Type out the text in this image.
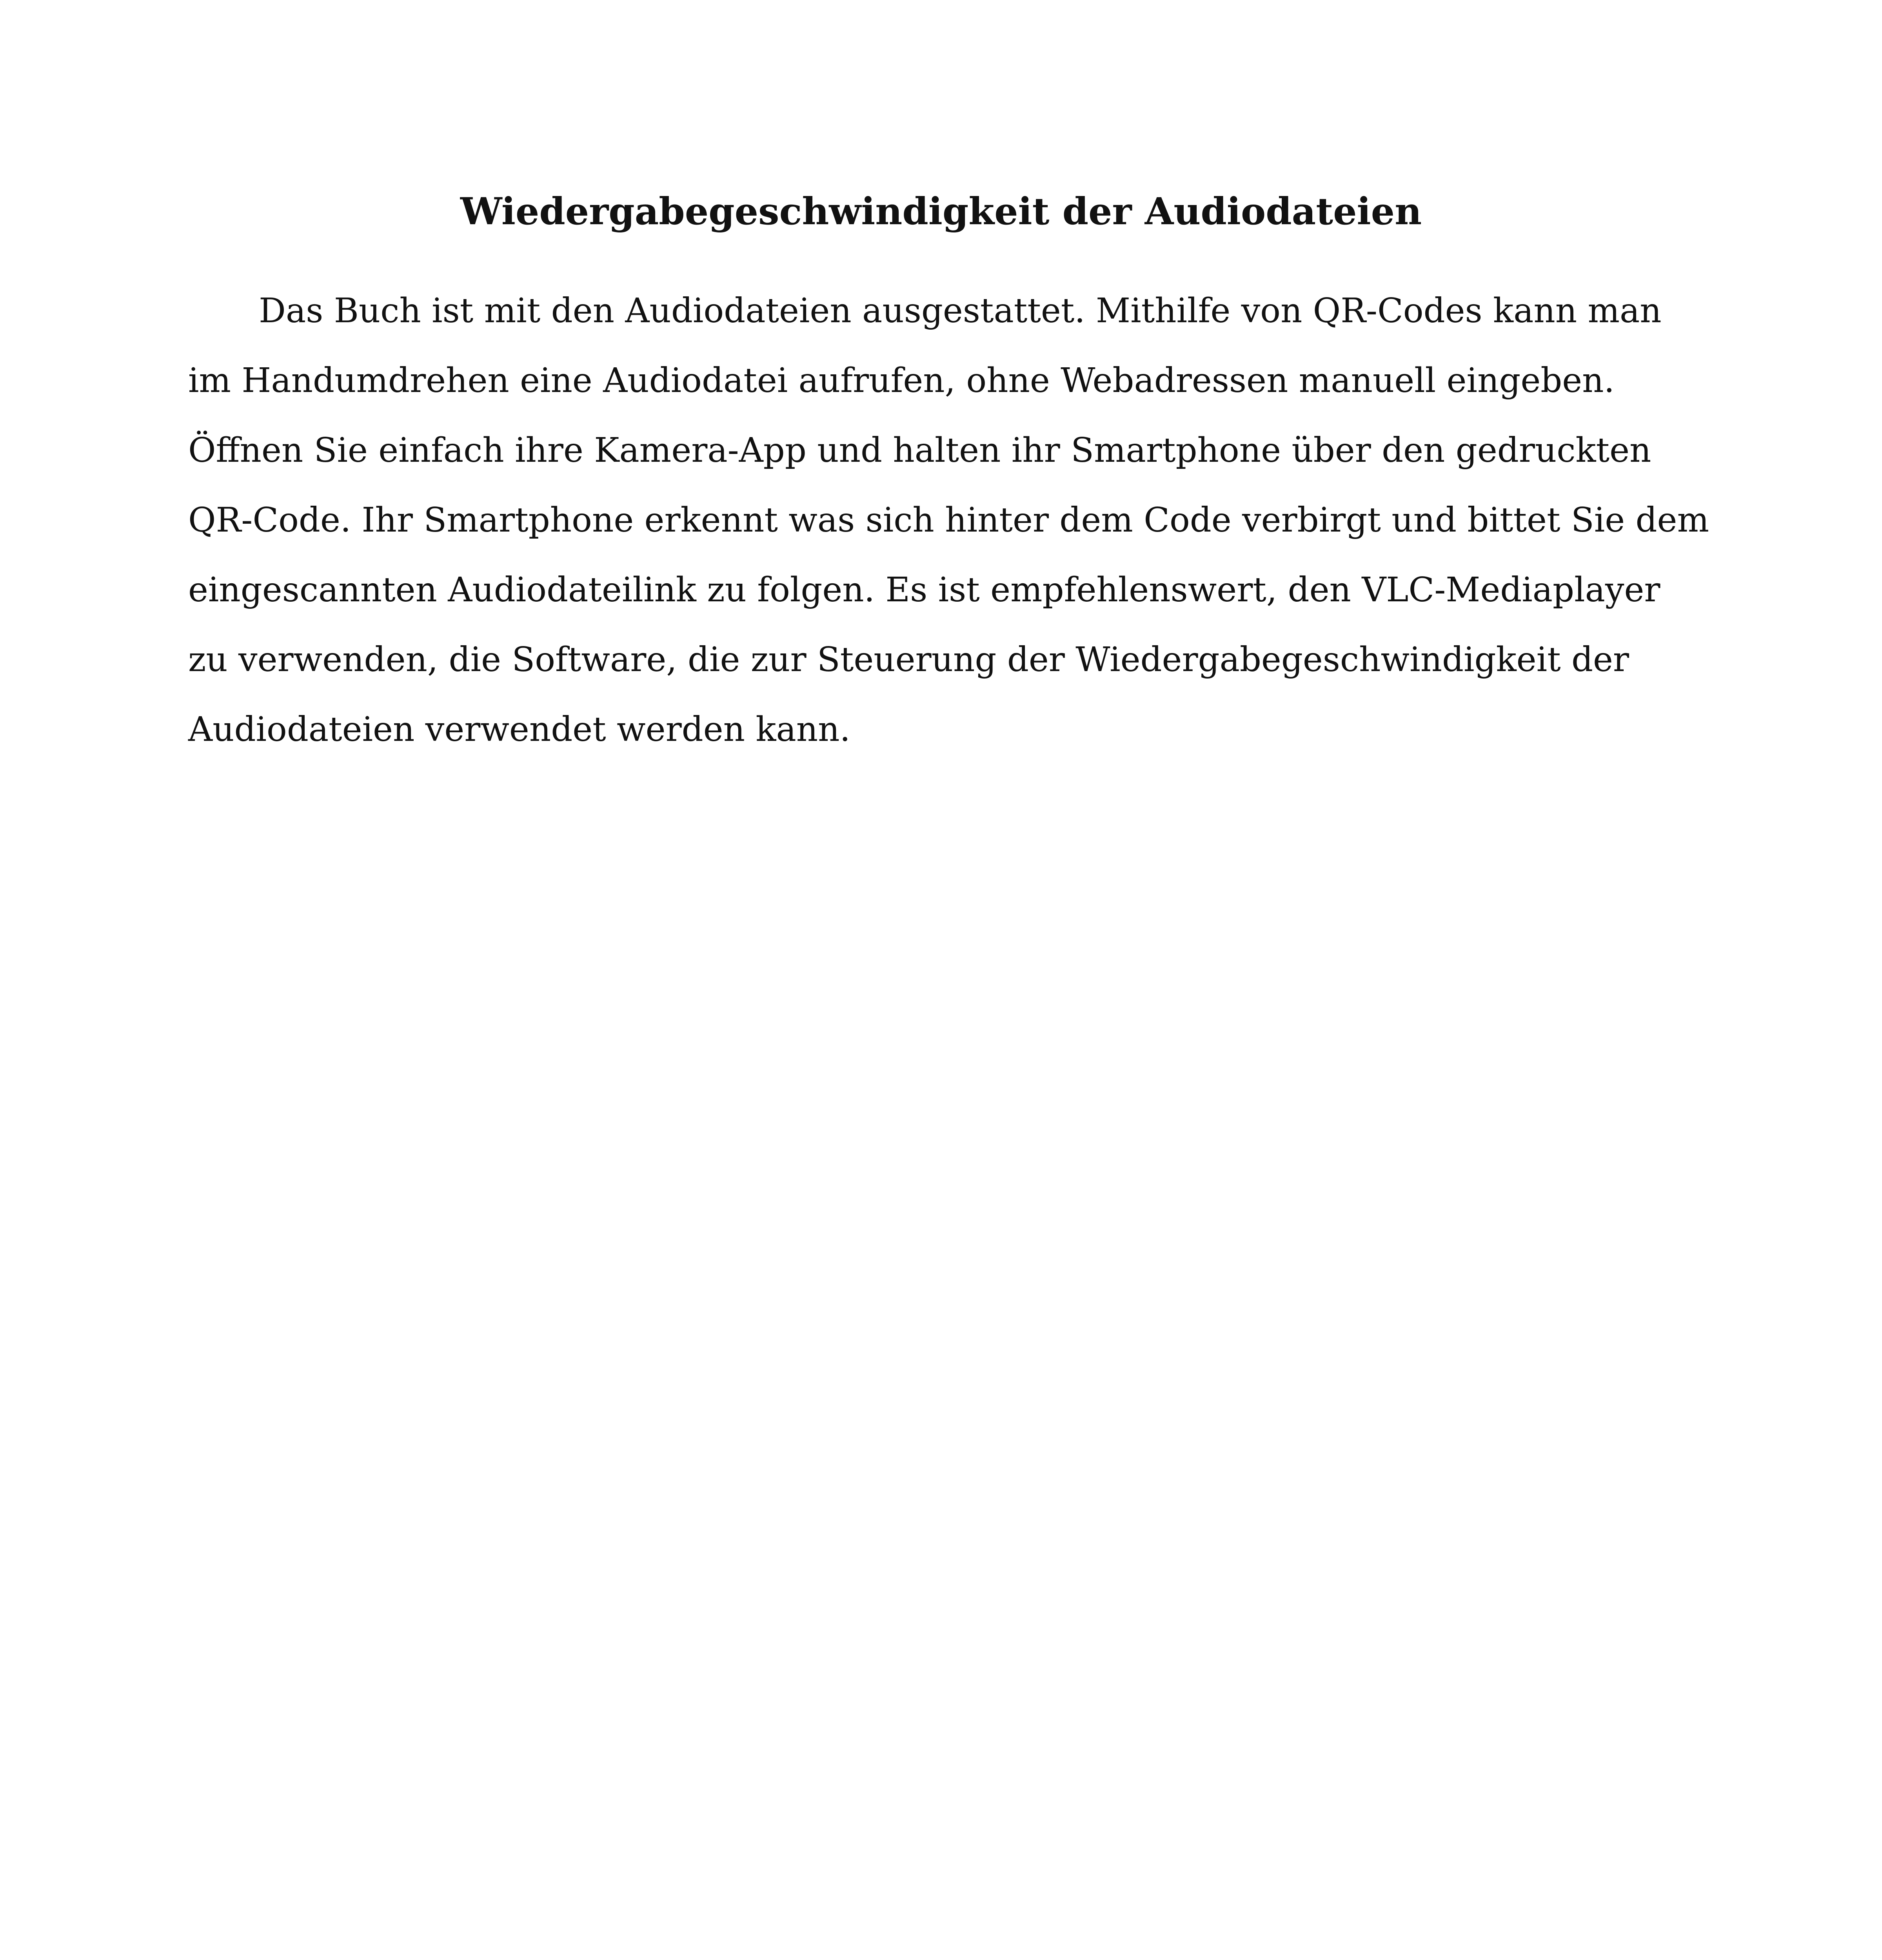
Wiedergabegeschwindigkeit der Audiodateien
Das Buch ist mit den Audiodateien ausgestattet. Mithilfe von QR-Codes kann man
im Handumdrehen eine Audiodatei aufrufen, ohne Webadressen manuell eingeben.
Öffnen Sie einfach ihre Kamera-App und halten ihr Smartphone über den gedruckten
QR-Code. Ihr Smartphone erkennt was sich hinter dem Code verbirgt und bittet Sie dem
eingescannten Audiodateilink zu folgen. Es ist empfehlenswert, den VLC-Mediaplayer
zu verwenden, die Software, die zur Steuerung der Wiedergabegeschwindigkeit der
Audiodateien verwendet werden kann.
